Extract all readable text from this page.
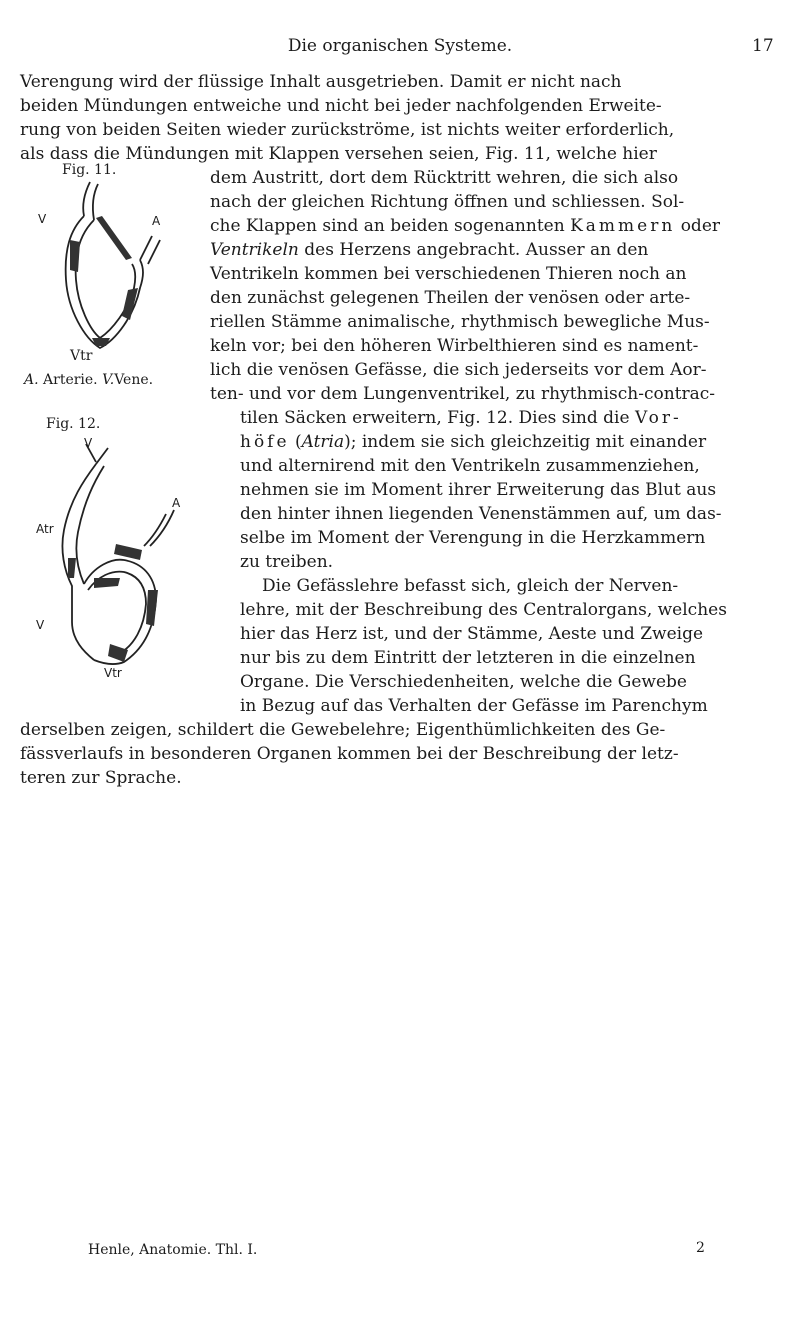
Die organischen Systeme.	17
Verengung wird der flüssige Inhalt ausgetrieben. Damit er nicht nach
beiden Mündungen entweiche und nicht bei jeder nachfolgenden Erweite-
rung von beiden Seiten wieder zurückströme, ist nichts weiter erforderlich,
als dass die Mündungen mit Klappen versehen seien, Fig. 11, welche hier
Fig. 11.
V	A
Vtr
A. Arterie. V.Vene.
dem Austritt, dort dem Rücktritt wehren, die sich also
nach der gleichen Richtung öffnen und schliessen. Sol-
che Klappen sind an beiden sogenannten Kammern oder
Ventrikeln des Herzens angebracht. Ausser an den
Ventrikeln kommen bei verschiedenen Thieren noch an
den zunächst gelegenen Theilen der venösen oder arte-
riellen Stämme animalische, rhythmisch bewegliche Mus-
keln vor; bei den höheren Wirbelthieren sind es nament-
lich die venösen Gefässe, die sich jederseits vor dem Aor-
ten- und vor dem Lungenventrikel, zu rhythmisch-contrac-
Fig. 12.
V
A
Atr
V
Vtr
tilen Säcken erweitern, Fig. 12. Dies sind die Vor-
höfe (Atria); indem sie sich gleichzeitig mit einander
und alternirend mit den Ventrikeln zusammenziehen,
nehmen sie im Moment ihrer Erweiterung das Blut aus
den hinter ihnen liegenden Venenstämmen auf, um das-
selbe im Moment der Verengung in die Herzkammern
zu treiben.
Die Gefässlehre befasst sich, gleich der Nerven-
lehre, mit der Beschreibung des Centralorgans, welches
hier das Herz ist, und der Stämme, Aeste und Zweige
nur bis zu dem Eintritt der letzteren in die einzelnen
Organe. Die Verschiedenheiten, welche die Gewebe
in Bezug auf das Verhalten der Gefässe im Parenchym
derselben zeigen, schildert die Gewebelehre; Eigenthümlichkeiten des Ge-
fässverlaufs in besonderen Organen kommen bei der Beschreibung der letz-
teren zur Sprache.
Henle, Anatomie. Thl. I.	2
